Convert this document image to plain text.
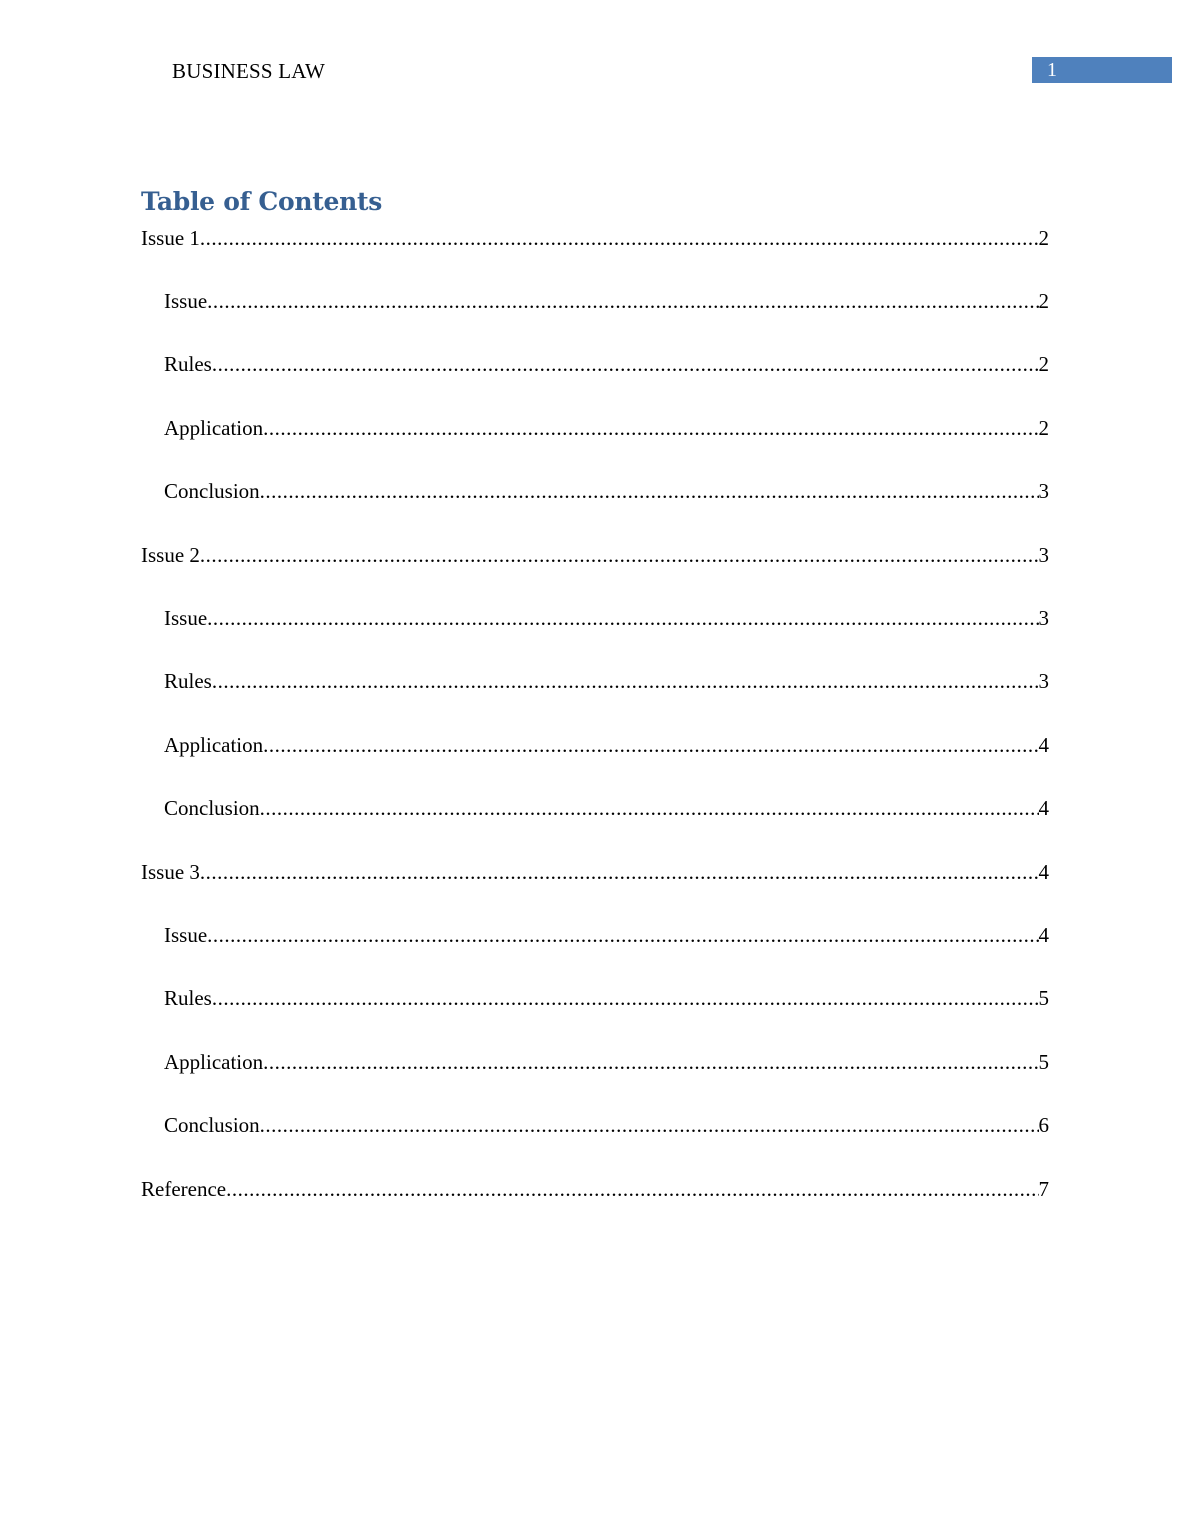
BUSINESS LAW	1
Table of Contents
Issue 1 .....	2
Issue .....	2
Rules .....	2
Application .....	2
Conclusion .....	3
Issue 2 .....	3
Issue .....	3
Rules .....	3
Application .....	4
Conclusion .....	4
Issue 3 .....	4
Issue .....	4
Rules .....	5
Application .....	5
Conclusion .....	6
Reference .....	7
